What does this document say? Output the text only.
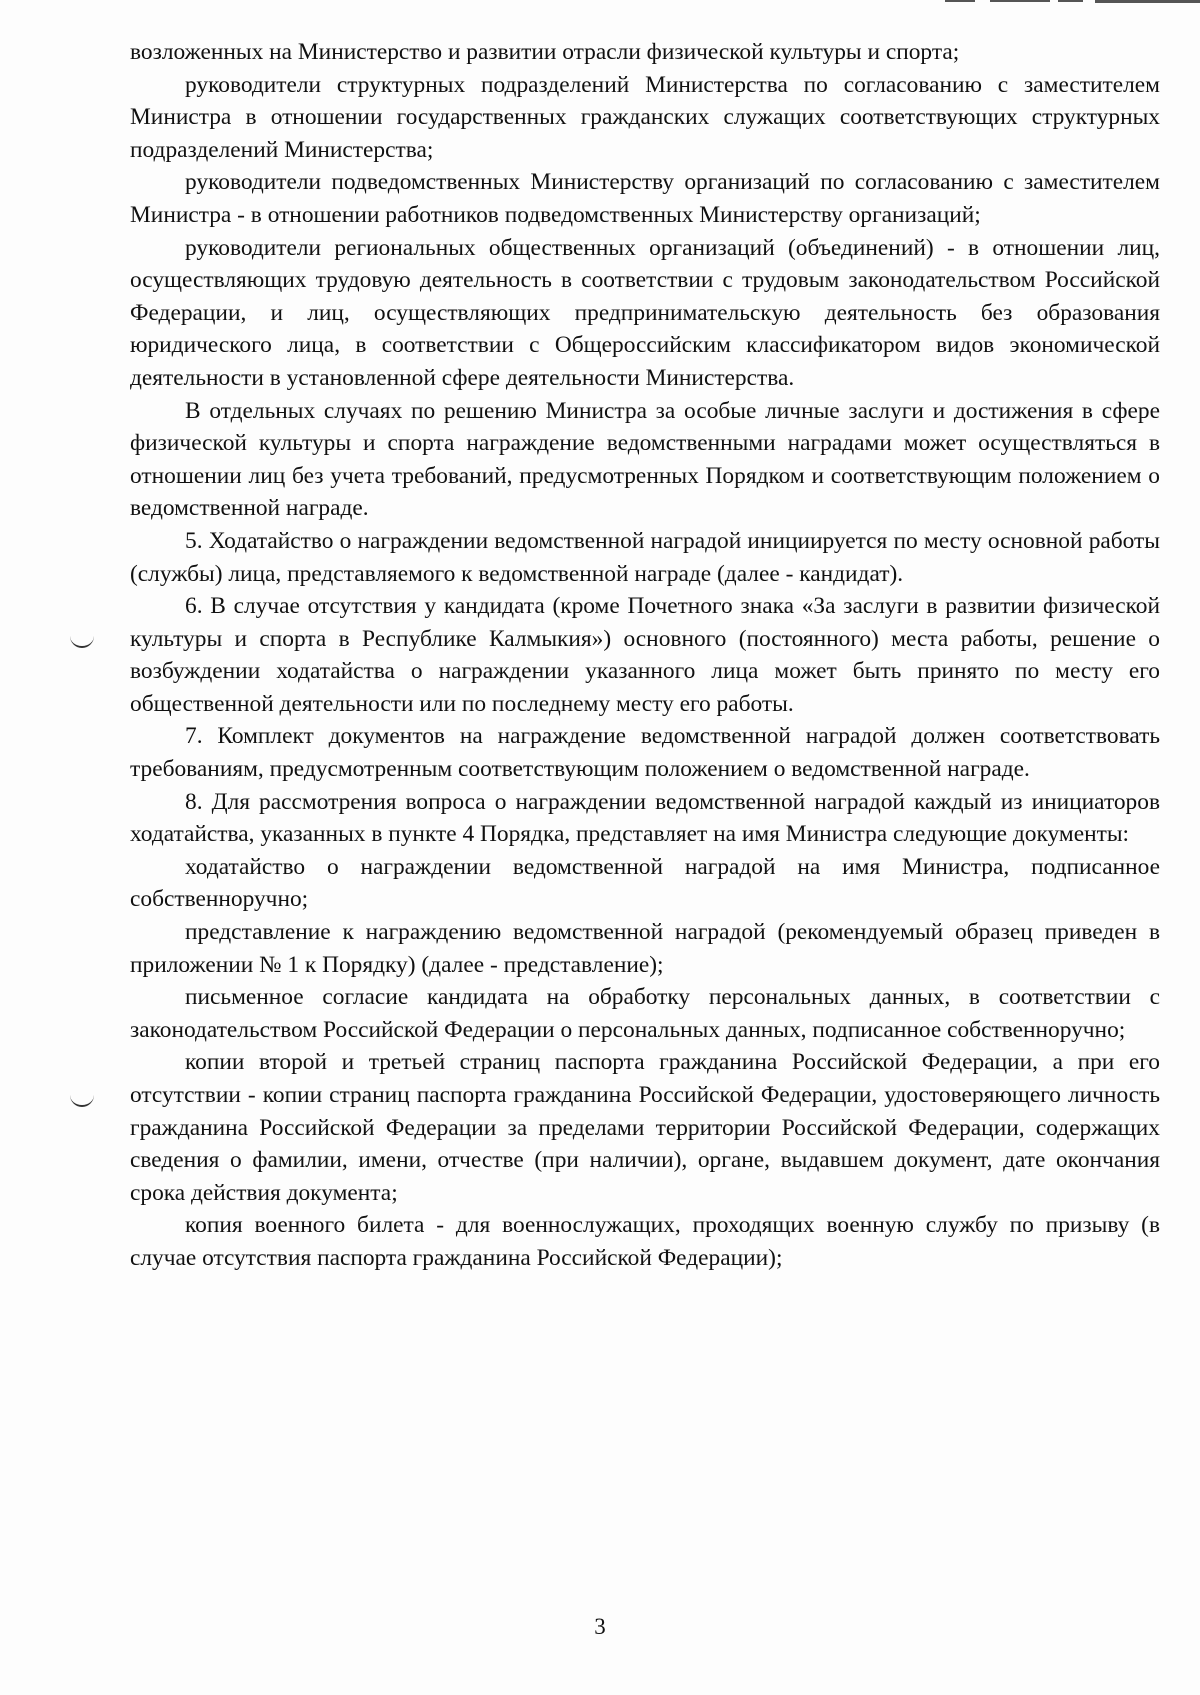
возложенных на Министерство и развитии отрасли физической культуры и спорта;

руководители структурных подразделений Министерства по согласованию с заместителем Министра в отношении государственных гражданских служащих соответствующих структурных подразделений Министерства;

руководители подведомственных Министерству организаций по согласованию с заместителем Министра - в отношении работников подведомственных Министерству организаций;

руководители региональных общественных организаций (объединений) - в отношении лиц, осуществляющих трудовую деятельность в соответствии с трудовым законодательством Российской Федерации, и лиц, осуществляющих предпринимательскую деятельность без образования юридического лица, в соответствии с Общероссийским классификатором видов экономической деятельности в установленной сфере деятельности Министерства.

В отдельных случаях по решению Министра за особые личные заслуги и достижения в сфере физической культуры и спорта награждение ведомственными наградами может осуществляться в отношении лиц без учета требований, предусмотренных Порядком и соответствующим положением о ведомственной награде.

5. Ходатайство о награждении ведомственной наградой инициируется по месту основной работы (службы) лица, представляемого к ведомственной награде (далее - кандидат).

6. В случае отсутствия у кандидата (кроме Почетного знака «За заслуги в развитии физической культуры и спорта в Республике Калмыкия») основного (постоянного) места работы, решение о возбуждении ходатайства о награждении указанного лица может быть принято по месту его общественной деятельности или по последнему месту его работы.

7. Комплект документов на награждение ведомственной наградой должен соответствовать требованиям, предусмотренным соответствующим положением о ведомственной награде.

8. Для рассмотрения вопроса о награждении ведомственной наградой каждый из инициаторов ходатайства, указанных в пункте 4 Порядка, представляет на имя Министра следующие документы:

ходатайство о награждении ведомственной наградой на имя Министра, подписанное собственноручно;

представление к награждению ведомственной наградой (рекомендуемый образец приведен в приложении № 1 к Порядку) (далее - представление);

письменное согласие кандидата на обработку персональных данных, в соответствии с законодательством Российской Федерации о персональных данных, подписанное собственноручно;

копии второй и третьей страниц паспорта гражданина Российской Федерации, а при его отсутствии - копии страниц паспорта гражданина Российской Федерации, удостоверяющего личность гражданина Российской Федерации за пределами территории Российской Федерации, содержащих сведения о фамилии, имени, отчестве (при наличии), органе, выдавшем документ, дате окончания срока действия документа;

копия военного билета - для военнослужащих, проходящих военную службу по призыву (в случае отсутствия паспорта гражданина Российской Федерации);

3
